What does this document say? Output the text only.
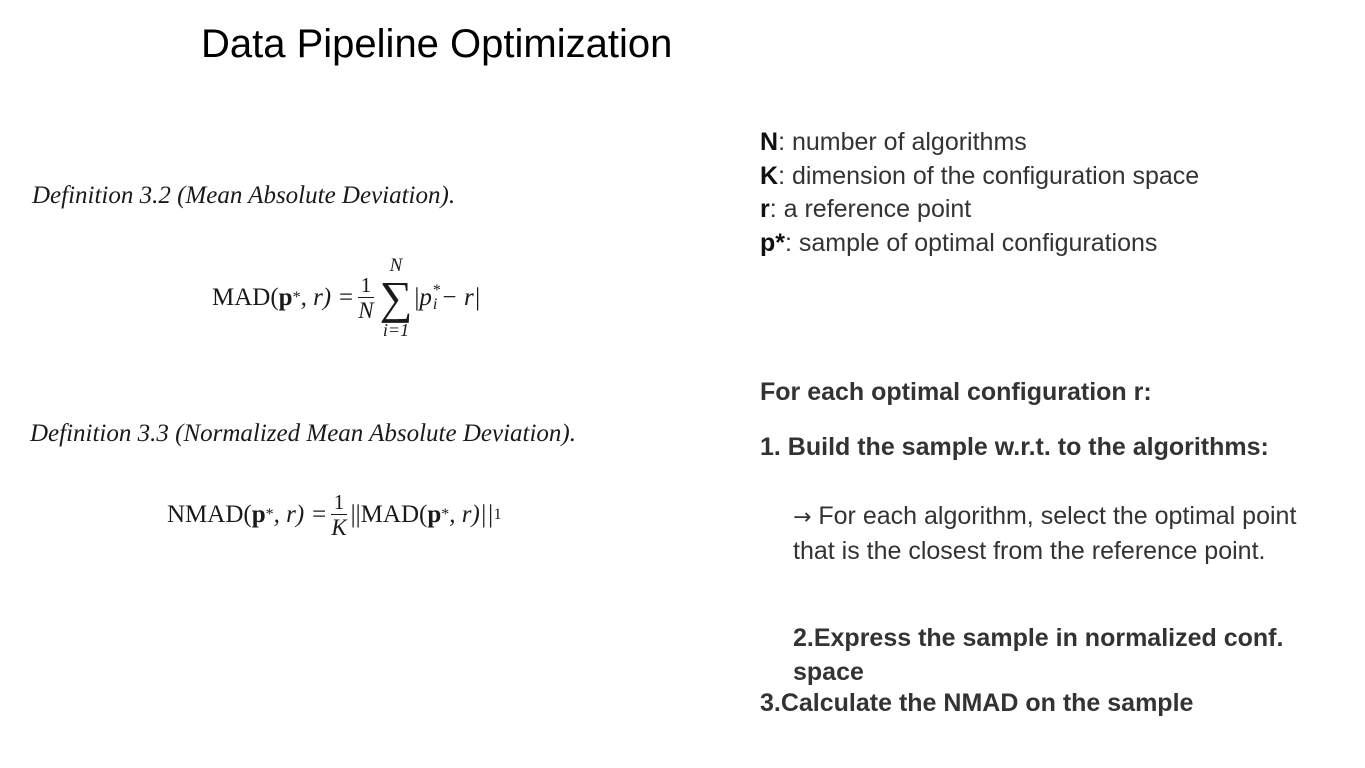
Data Pipeline Optimization
Definition 3.2 (Mean Absolute Deviation).
MAD ( p * , $r) = \frac{1}{N}$
N
∑
i=1
| p *
i − r|
Definition 3.3 (Normalized Mean Absolute Deviation).
NMAD ( p * , $r) = \frac{1}{K} ||MAD$( p * , r)|| 1
N: number of algorithms
K: dimension of the configuration space
r: a reference point
p*: sample of optimal configurations
For each optimal configuration r:
1. Build the sample w.r.t. to the algorithms:
→ For each algorithm, select the optimal point that is the closest from the reference point.
2.Express the sample in normalized conf. space
3.Calculate the NMAD on the sample
